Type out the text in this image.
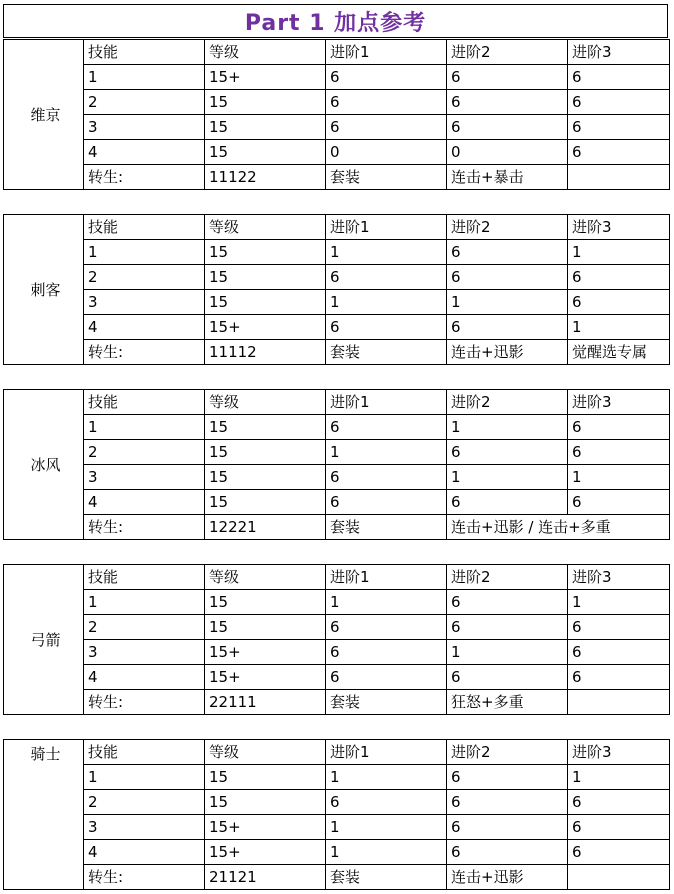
Part 1 加点参考
维京	技能	等级	进阶1	进阶2	进阶3
	1	15+	6	6	6
	2	15	6	6	6
	3	15	6	6	6
	4	15	0	0	6
	转生:	11122	套装	连击+暴击	
刺客	技能	等级	进阶1	进阶2	进阶3
	1	15	1	6	1
	2	15	6	6	6
	3	15	1	1	6
	4	15+	6	6	1
	转生:	11112	套装	连击+迅影	觉醒选专属
冰风	技能	等级	进阶1	进阶2	进阶3
	1	15	6	1	6
	2	15	1	6	6
	3	15	6	1	1
	4	15	6	6	6
	转生:	12221	套装	连击+迅影 / 连击+多重	
弓箭	技能	等级	进阶1	进阶2	进阶3
	1	15	1	6	1
	2	15	6	6	6
	3	15+	6	1	6
	4	15+	6	6	6
	转生:	22111	套装	狂怒+多重	
骑士	技能	等级	进阶1	进阶2	进阶3
	1	15	1	6	1
	2	15	6	6	6
	3	15+	1	6	6
	4	15+	1	6	6
	转生:	21121	套装	连击+迅影	
